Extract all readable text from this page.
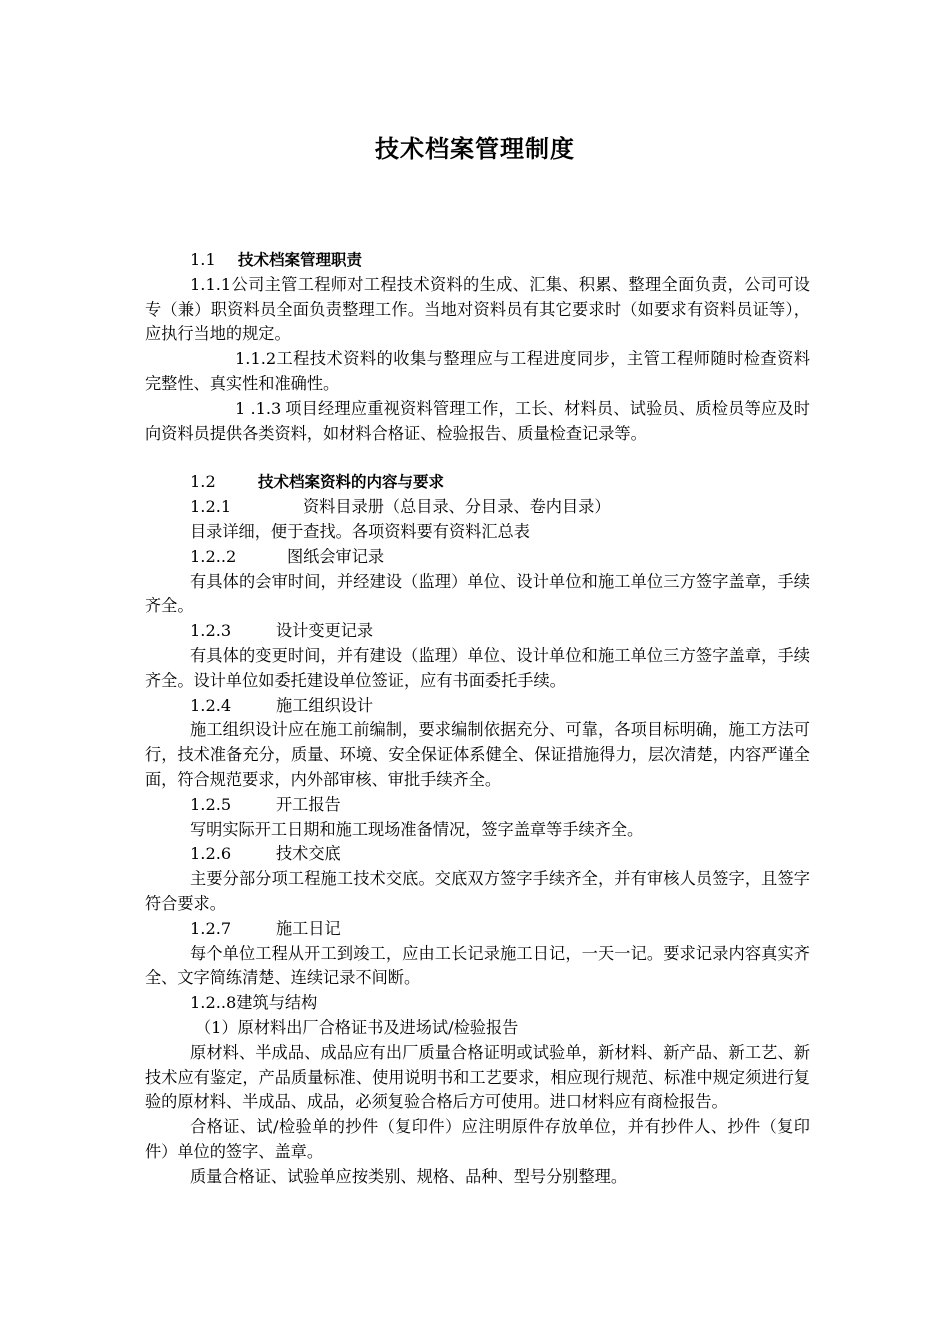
技术档案管理制度

1.1 技术档案管理职责

1.1.1公司主管工程师对工程技术资料的生成、汇集、积累、整理全面负责，公司可设专（兼）职资料员全面负责整理工作。当地对资料员有其它要求时（如要求有资料员证等），应执行当地的规定。

1.1.2工程技术资料的收集与整理应与工程进度同步，主管工程师随时检查资料完整性、真实性和准确性。

1 .1.3 项目经理应重视资料管理工作，工长、材料员、试验员、质检员等应及时向资料员提供各类资料，如材料合格证、检验报告、质量检查记录等。

1.2	技术档案资料的内容与要求

1.2.1	资料目录册（总目录、分目录、卷内目录）

目录详细，便于查找。各项资料要有资料汇总表

1.2..2	图纸会审记录

有具体的会审时间，并经建设（监理）单位、设计单位和施工单位三方签字盖章，手续齐全。

1.2.3	设计变更记录

有具体的变更时间，并有建设（监理）单位、设计单位和施工单位三方签字盖章，手续齐全。设计单位如委托建设单位签证，应有书面委托手续。

1.2.4	施工组织设计

施工组织设计应在施工前编制，要求编制依据充分、可靠，各项目标明确，施工方法可行，技术准备充分，质量、环境、安全保证体系健全、保证措施得力，层次清楚，内容严谨全面，符合规范要求，内外部审核、审批手续齐全。

1.2.5	开工报告

写明实际开工日期和施工现场准备情况，签字盖章等手续齐全。

1.2.6	技术交底

主要分部分项工程施工技术交底。交底双方签字手续齐全，并有审核人员签字，且签字符合要求。

1.2.7	施工日记

每个单位工程从开工到竣工，应由工长记录施工日记，一天一记。要求记录内容真实齐全、文字简练清楚、连续记录不间断。

1.2..8建筑与结构

（1）原材料出厂合格证书及进场试/检验报告

原材料、半成品、成品应有出厂质量合格证明或试验单，新材料、新产品、新工艺、新技术应有鉴定，产品质量标准、使用说明书和工艺要求，相应现行规范、标准中规定须进行复验的原材料、半成品、成品，必须复验合格后方可使用。进口材料应有商检报告。

合格证、试/检验单的抄件（复印件）应注明原件存放单位，并有抄件人、抄件（复印件）单位的签字、盖章。

质量合格证、试验单应按类别、规格、品种、型号分别整理。
